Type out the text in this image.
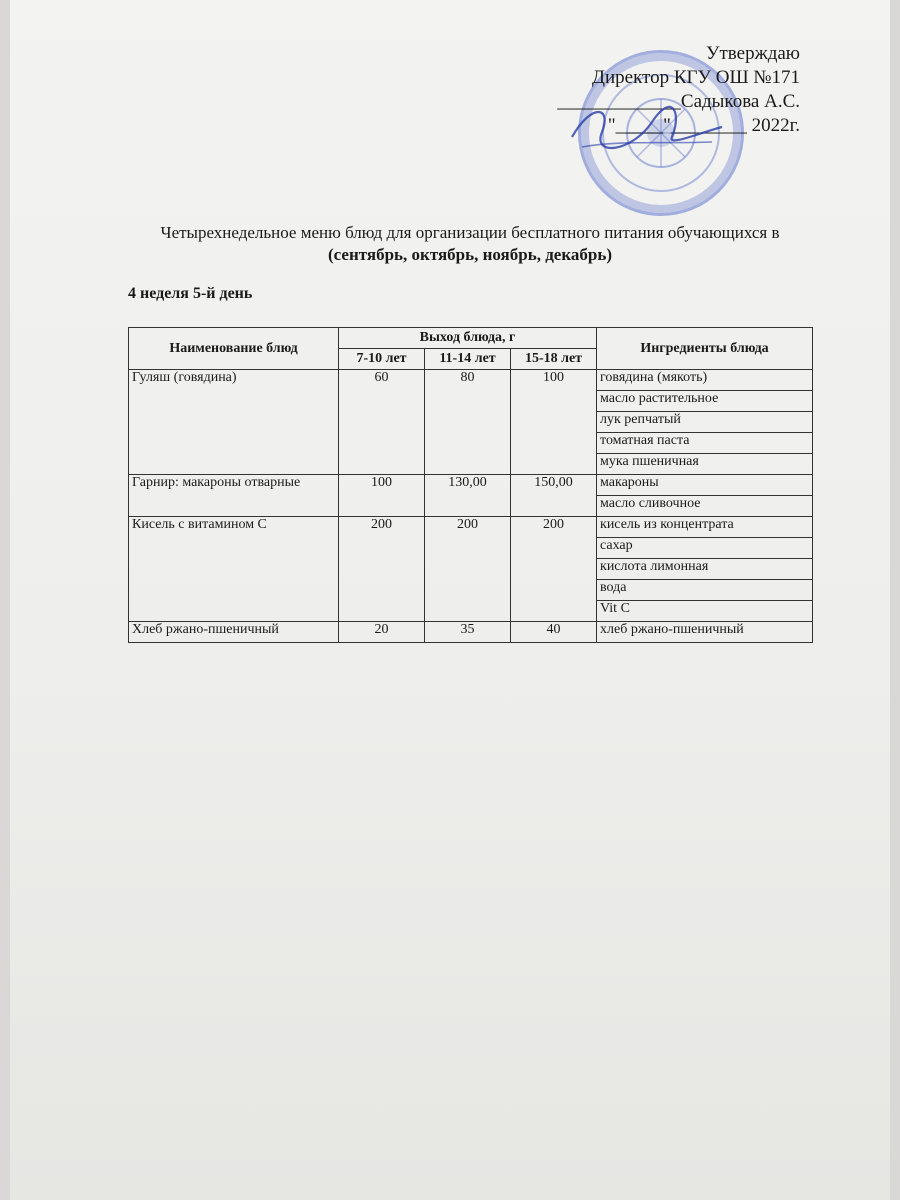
Утверждаю
Директор КГУ ОШ №171
_____________Садыкова А.С.
"_____"________ 2022г.
Четырехнедельное меню блюд для организации бесплатного питания обучающихся в
(сентябрь, октябрь, ноябрь, декабрь)
4 неделя 5-й день
Наименование блюд	Выход блюда, г			Ингредиенты блюда
	7-10 лет	11-14 лет	15-18 лет	
Гуляш (говядина)	60	80	100	говядина (мякоть)
				масло растительное
				лук репчатый
				томатная паста
				мука пшеничная
Гарнир: макароны отварные	100	130,00	150,00	макароны
				масло сливочное
Кисель с витамином С	200	200	200	кисель из концентрата
				сахар
				кислота лимонная
				вода
				Vit C
Хлеб ржано-пшеничный	20	35	40	хлеб ржано-пшеничный
